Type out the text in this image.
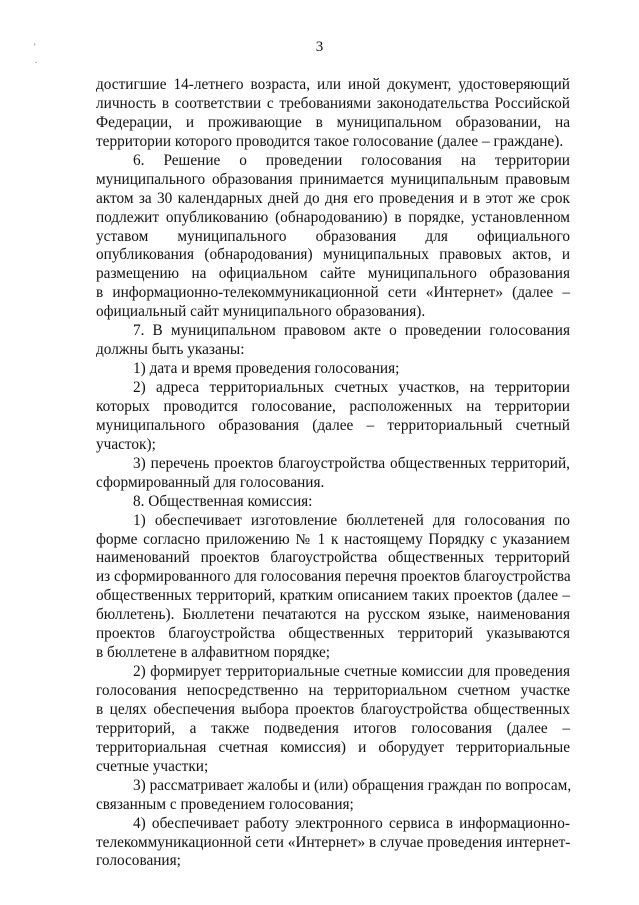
3
'
.
достигшие 14-летнего возраста, или иной документ, удостоверяющий
личность в соответствии с требованиями законодательства Российской
Федерации, и проживающие в муниципальном образовании, на
территории которого проводится такое голосование (далее – граждане).
6. Решение о проведении голосования на территории
муниципального образования принимается муниципальным правовым
актом за 30 календарных дней до дня его проведения и в этот же срок
подлежит опубликованию (обнародованию) в порядке, установленном
уставом муниципального образования для официального
опубликования (обнародования) муниципальных правовых актов, и
размещению на официальном сайте муниципального образования
в информационно-телекоммуникационной сети «Интернет» (далее –
официальный сайт муниципального образования).
7. В муниципальном правовом акте о проведении голосования
должны быть указаны:
1) дата и время проведения голосования;
2) адреса территориальных счетных участков, на территории
которых проводится голосование, расположенных на территории
муниципального образования (далее – территориальный счетный
участок);
3) перечень проектов благоустройства общественных территорий,
сформированный для голосования.
8. Общественная комиссия:
1) обеспечивает изготовление бюллетеней для голосования по
форме согласно приложению № 1 к настоящему Порядку с указанием
наименований проектов благоустройства общественных территорий
из сформированного для голосования перечня проектов благоустройства
общественных территорий, кратким описанием таких проектов (далее –
бюллетень). Бюллетени печатаются на русском языке, наименования
проектов благоустройства общественных территорий указываются
в бюллетене в алфавитном порядке;
2) формирует территориальные счетные комиссии для проведения
голосования непосредственно на территориальном счетном участке
в целях обеспечения выбора проектов благоустройства общественных
территорий, а также подведения итогов голосования (далее –
территориальная счетная комиссия) и оборудует территориальные
счетные участки;
3) рассматривает жалобы и (или) обращения граждан по вопросам,
связанным с проведением голосования;
4) обеспечивает работу электронного сервиса в информационно-
телекоммуникационной сети «Интернет» в случае проведения интернет-
голосования;
